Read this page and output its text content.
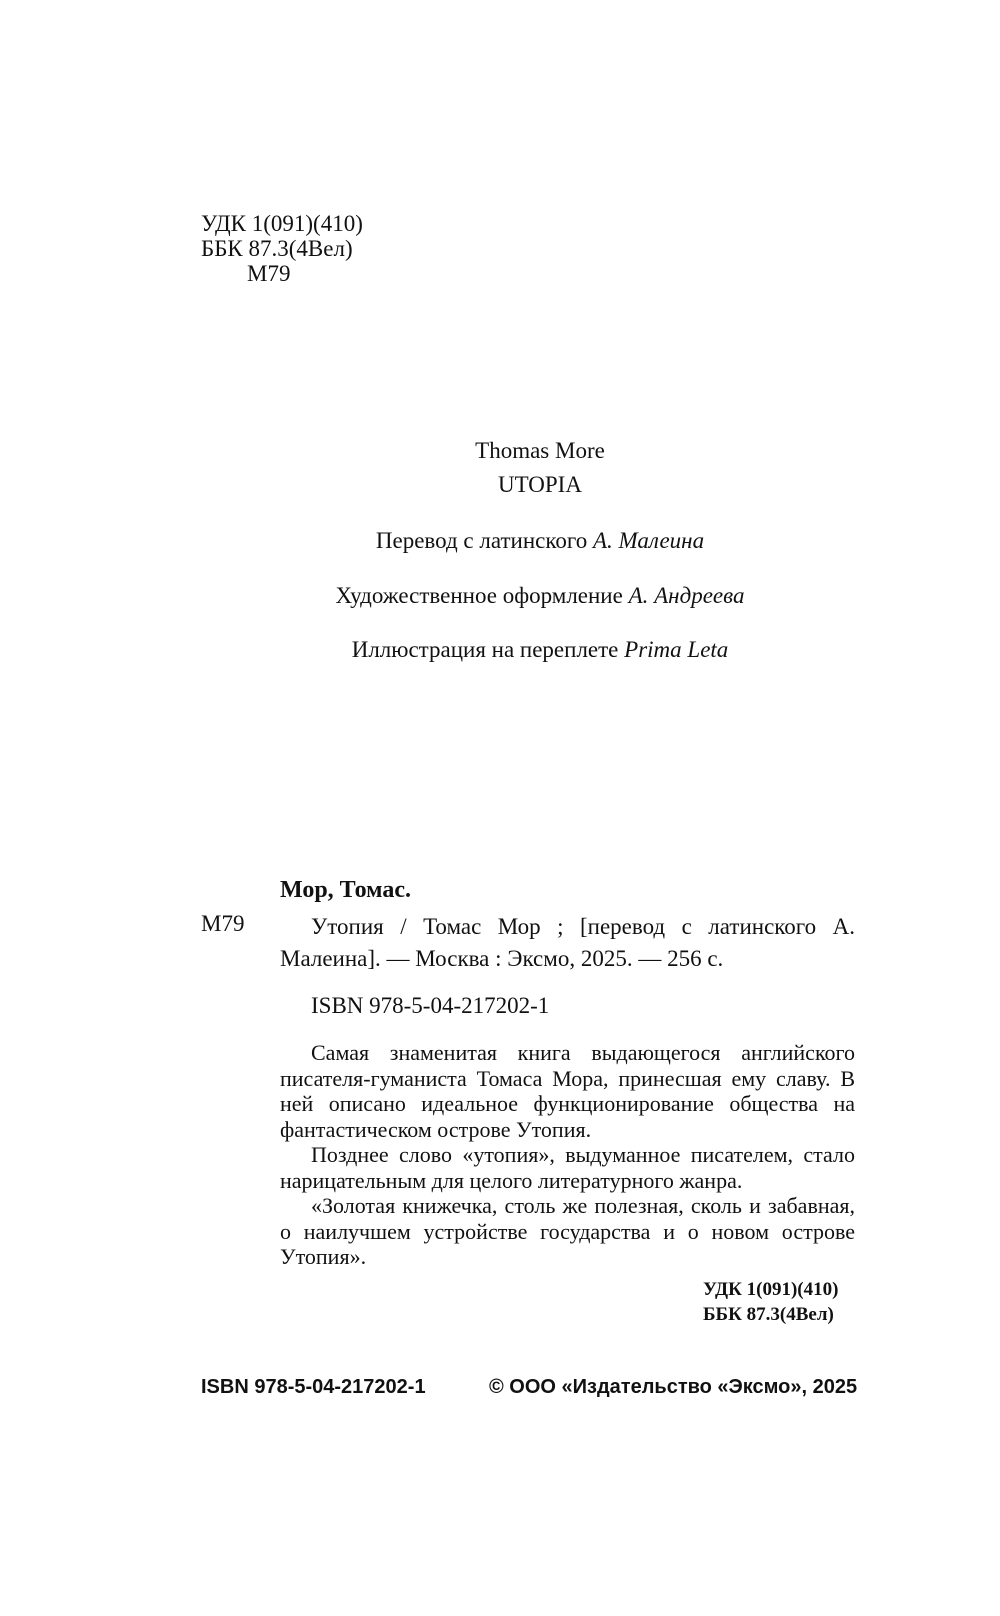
УДК 1(091)(410)
ББК 87.3(4Вел)
М79
Thomas More
UTOPIA
Перевод с латинского А. Малеина
Художественное оформление А. Андреева
Иллюстрация на переплете Prima Leta
Мор, Томас.
М79	Утопия / Томас Мор ; [перевод с латинского А. Малеина]. — Москва : Эксмо, 2025. — 256 с.
ISBN 978-5-04-217202-1

Самая знаменитая книга выдающегося английского писателя-гуманиста Томаса Мора, принесшая ему славу. В ней описано идеальное функционирование общества на фантастическом острове Утопия.

Позднее слово «утопия», выдуманное писателем, стало нарицательным для целого литературного жанра.

«Золотая книжечка, столь же полезная, сколь и забавная, о наилучшем устройстве государства и о новом острове Утопия».

УДК 1(091)(410)
ББК 87.3(4Вел)
ISBN 978-5-04-217202-1	© ООО «Издательство «Эксмо», 2025
